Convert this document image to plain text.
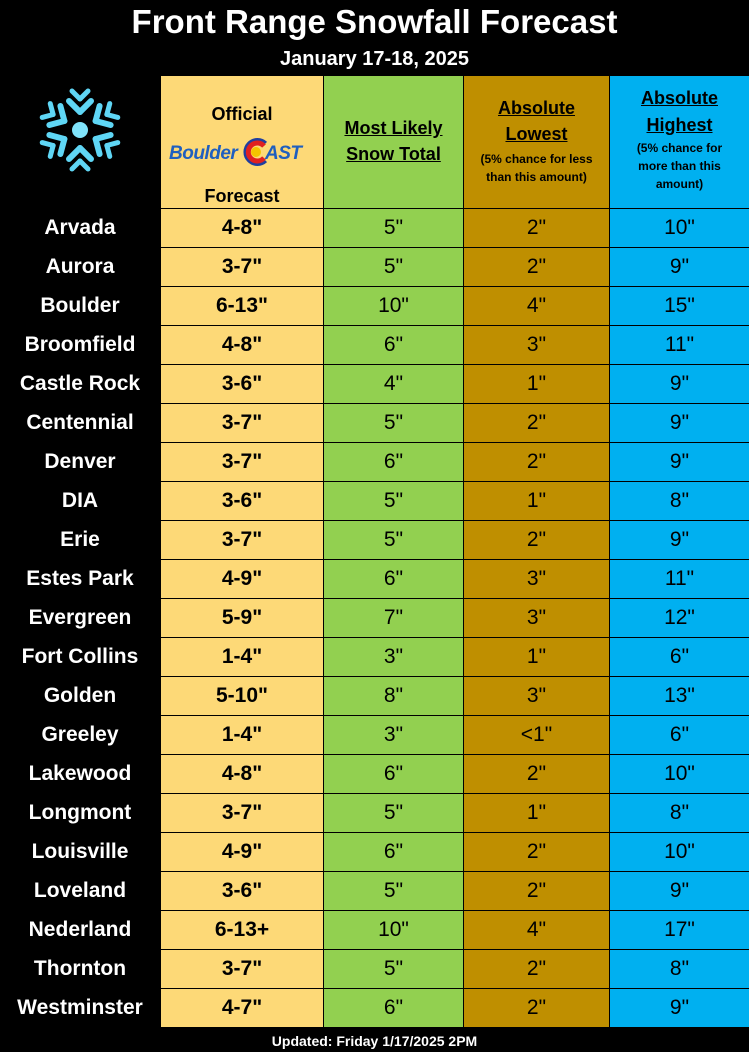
Front Range Snowfall Forecast
January 17-18, 2025
Official
Boulder AST
Forecast
Most Likely
Snow Total
Absolute
Lowest
(5% chance for less
than this amount)
Absolute
Highest
(5% chance for
more than this
amount)
Arvada	4-8"	5"	2"	10"
Aurora	3-7"	5"	2"	9"
Boulder	6-13"	10"	4"	15"
Broomfield	4-8"	6"	3"	11"
Castle Rock	3-6"	4"	1"	9"
Centennial	3-7"	5"	2"	9"
Denver	3-7"	6"	2"	9"
DIA	3-6"	5"	1"	8"
Erie	3-7"	5"	2"	9"
Estes Park	4-9"	6"	3"	11"
Evergreen	5-9"	7"	3"	12"
Fort Collins	1-4"	3"	1"	6"
Golden	5-10"	8"	3"	13"
Greeley	1-4"	3"	<1"	6"
Lakewood	4-8"	6"	2"	10"
Longmont	3-7"	5"	1"	8"
Louisville	4-9"	6"	2"	10"
Loveland	3-6"	5"	2"	9"
Nederland	6-13+	10"	4"	17"
Thornton	3-7"	5"	2"	8"
Westminster	4-7"	6"	2"	9"
Updated: Friday 1/17/2025 2PM
